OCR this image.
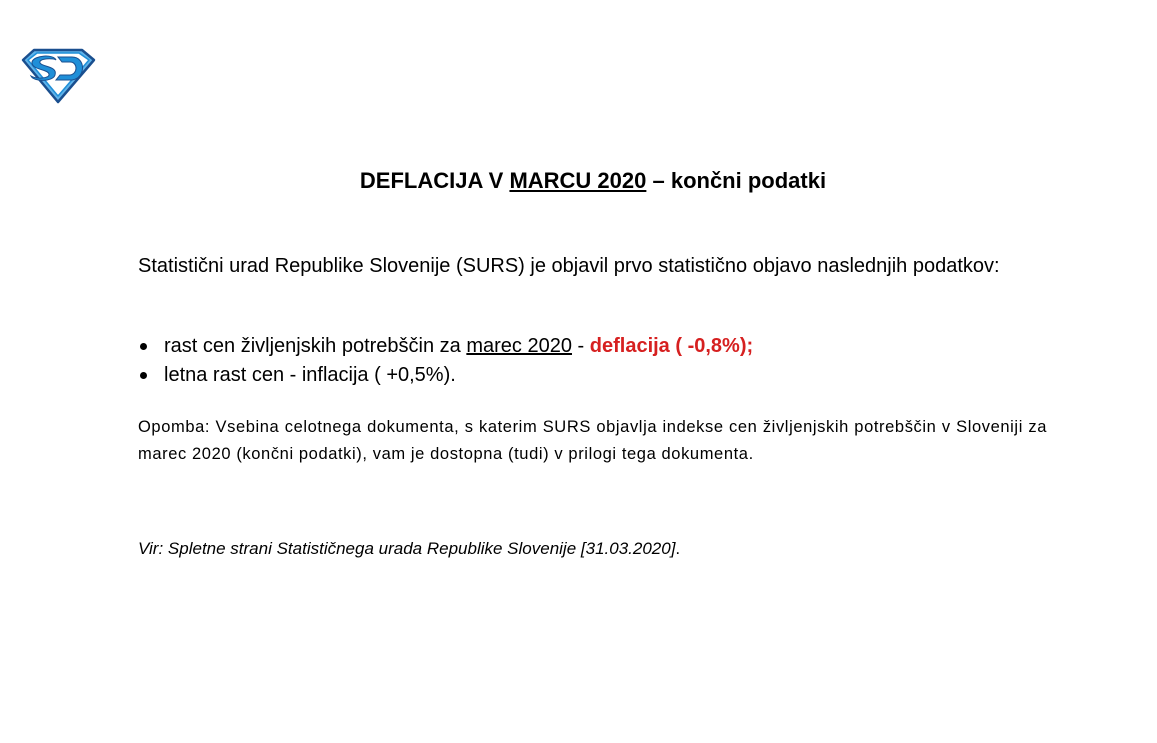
DEFLACIJA V MARCU 2020 – končni podatki
Statistični urad Republike Slovenije (SURS) je objavil prvo statistično objavo naslednjih podatkov:
rast cen življenjskih potrebščin za marec 2020 - deflacija ( -0,8%);
letna rast cen - inflacija ( +0,5%).
Opomba: Vsebina celotnega dokumenta, s katerim SURS objavlja indekse cen življenjskih potrebščin v Sloveniji za marec 2020 (končni podatki), vam je dostopna (tudi) v prilogi tega dokumenta.
Vir: Spletne strani Statističnega urada Republike Slovenije [31.03.2020].
